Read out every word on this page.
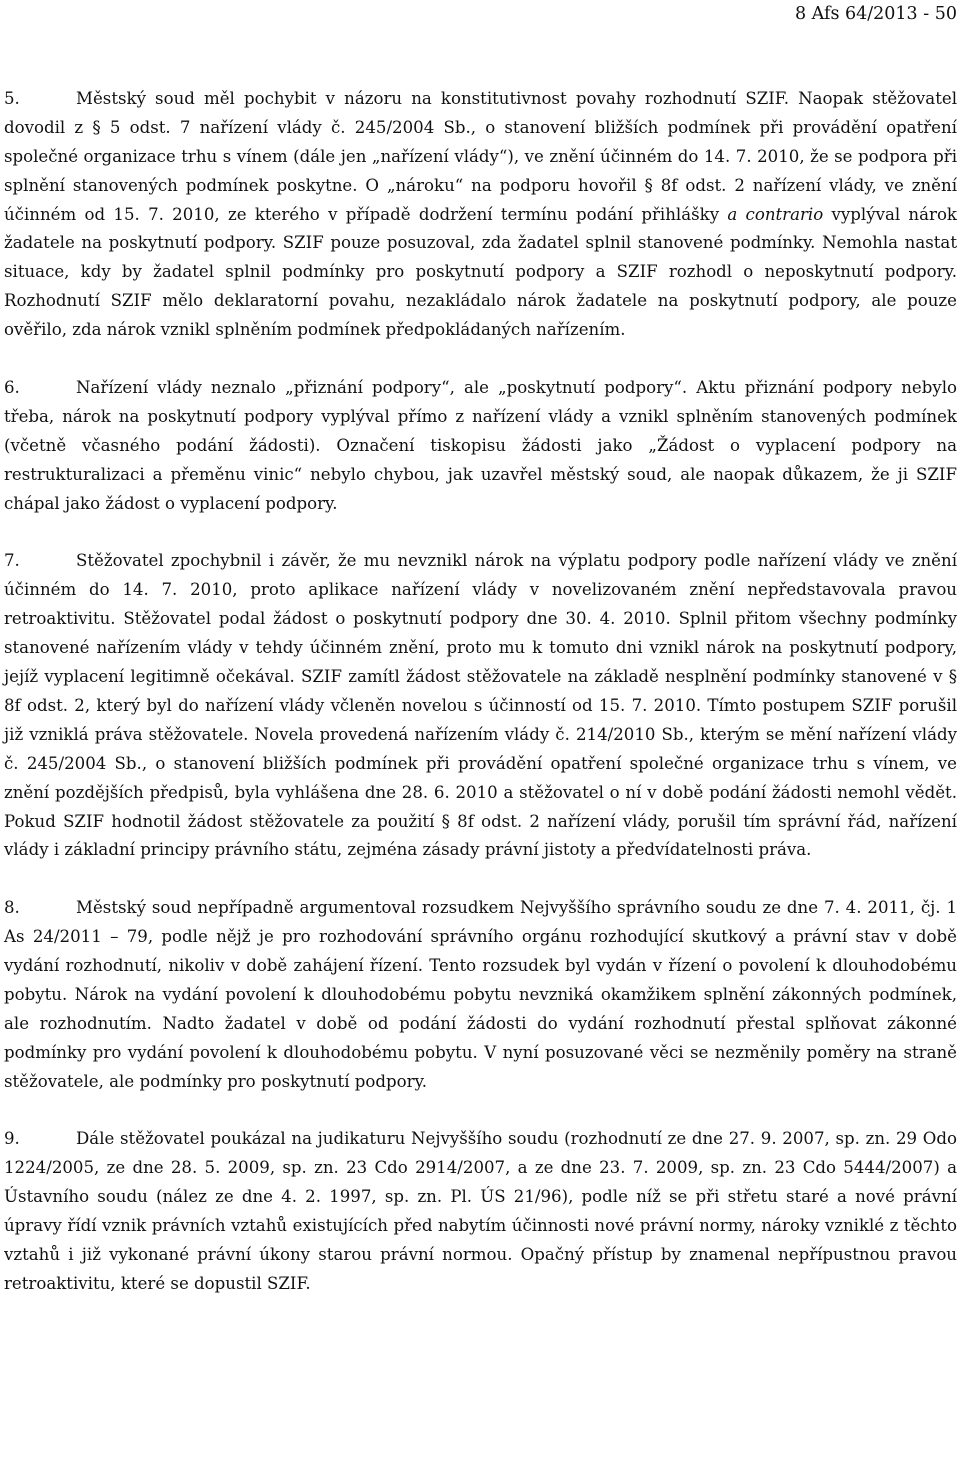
8 Afs 64/2013 - 50

5.	Městský soud měl pochybit v názoru na konstitutivnost povahy rozhodnutí SZIF. Naopak stěžovatel dovodil z § 5 odst. 7 nařízení vlády č. 245/2004 Sb., o stanovení bližších podmínek při provádění opatření společné organizace trhu s vínem (dále jen „nařízení vlády“), ve znění účinném do 14. 7. 2010, že se podpora při splnění stanovených podmínek poskytne. O „nároku“ na podporu hovořil § 8f odst. 2 nařízení vlády, ve znění účinném od 15. 7. 2010, ze kterého v případě dodržení termínu podání přihlášky a contrario vyplýval nárok žadatele na poskytnutí podpory. SZIF pouze posuzoval, zda žadatel splnil stanovené podmínky. Nemohla nastat situace, kdy by žadatel splnil podmínky pro poskytnutí podpory a SZIF rozhodl o neposkytnutí podpory. Rozhodnutí SZIF mělo deklaratorní povahu, nezakládalo nárok žadatele na poskytnutí podpory, ale pouze ověřilo, zda nárok vznikl splněním podmínek předpokládaných nařízením.

6.	Nařízení vlády neznalo „přiznání podpory“, ale „poskytnutí podpory“. Aktu přiznání podpory nebylo třeba, nárok na poskytnutí podpory vyplýval přímo z nařízení vlády a vznikl splněním stanovených podmínek (včetně včasného podání žádosti). Označení tiskopisu žádosti jako „Žádost o vyplacení podpory na restrukturalizaci a přeměnu vinic“ nebylo chybou, jak uzavřel městský soud, ale naopak důkazem, že ji SZIF chápal jako žádost o vyplacení podpory.

7.	Stěžovatel zpochybnil i závěr, že mu nevznikl nárok na výplatu podpory podle nařízení vlády ve znění účinném do 14. 7. 2010, proto aplikace nařízení vlády v novelizovaném znění nepředstavovala pravou retroaktivitu. Stěžovatel podal žádost o poskytnutí podpory dne 30. 4. 2010. Splnil přitom všechny podmínky stanovené nařízením vlády v tehdy účinném znění, proto mu k tomuto dni vznikl nárok na poskytnutí podpory, jejíž vyplacení legitimně očekával. SZIF zamítl žádost stěžovatele na základě nesplnění podmínky stanovené v § 8f odst. 2, který byl do nařízení vlády včleněn novelou s účinností od 15. 7. 2010. Tímto postupem SZIF porušil již vzniklá práva stěžovatele. Novela provedená nařízením vlády č. 214/2010 Sb., kterým se mění nařízení vlády č. 245/2004 Sb., o stanovení bližších podmínek při provádění opatření společné organizace trhu s vínem, ve znění pozdějších předpisů, byla vyhlášena dne 28. 6. 2010 a stěžovatel o ní v době podání žádosti nemohl vědět. Pokud SZIF hodnotil žádost stěžovatele za použití § 8f odst. 2 nařízení vlády, porušil tím správní řád, nařízení vlády i základní principy právního státu, zejména zásady právní jistoty a předvídatelnosti práva.

8.	Městský soud nepřípadně argumentoval rozsudkem Nejvyššího správního soudu ze dne 7. 4. 2011, čj. 1 As 24/2011 – 79, podle nějž je pro rozhodování správního orgánu rozhodující skutkový a právní stav v době vydání rozhodnutí, nikoliv v době zahájení řízení. Tento rozsudek byl vydán v řízení o povolení k dlouhodobému pobytu. Nárok na vydání povolení k dlouhodobému pobytu nevzniká okamžikem splnění zákonných podmínek, ale rozhodnutím. Nadto žadatel v době od podání žádosti do vydání rozhodnutí přestal splňovat zákonné podmínky pro vydání povolení k dlouhodobému pobytu. V nyní posuzované věci se nezměnily poměry na straně stěžovatele, ale podmínky pro poskytnutí podpory.

9.	Dále stěžovatel poukázal na judikaturu Nejvyššího soudu (rozhodnutí ze dne 27. 9. 2007, sp. zn. 29 Odo 1224/2005, ze dne 28. 5. 2009, sp. zn. 23 Cdo 2914/2007, a ze dne 23. 7. 2009, sp. zn. 23 Cdo 5444/2007) a Ústavního soudu (nález ze dne 4. 2. 1997, sp. zn. Pl. ÚS 21/96), podle níž se při střetu staré a nové právní úpravy řídí vznik právních vztahů existujících před nabytím účinnosti nové právní normy, nároky vzniklé z těchto vztahů i již vykonané právní úkony starou právní normou. Opačný přístup by znamenal nepřípustnou pravou retroaktivitu, které se dopustil SZIF.
